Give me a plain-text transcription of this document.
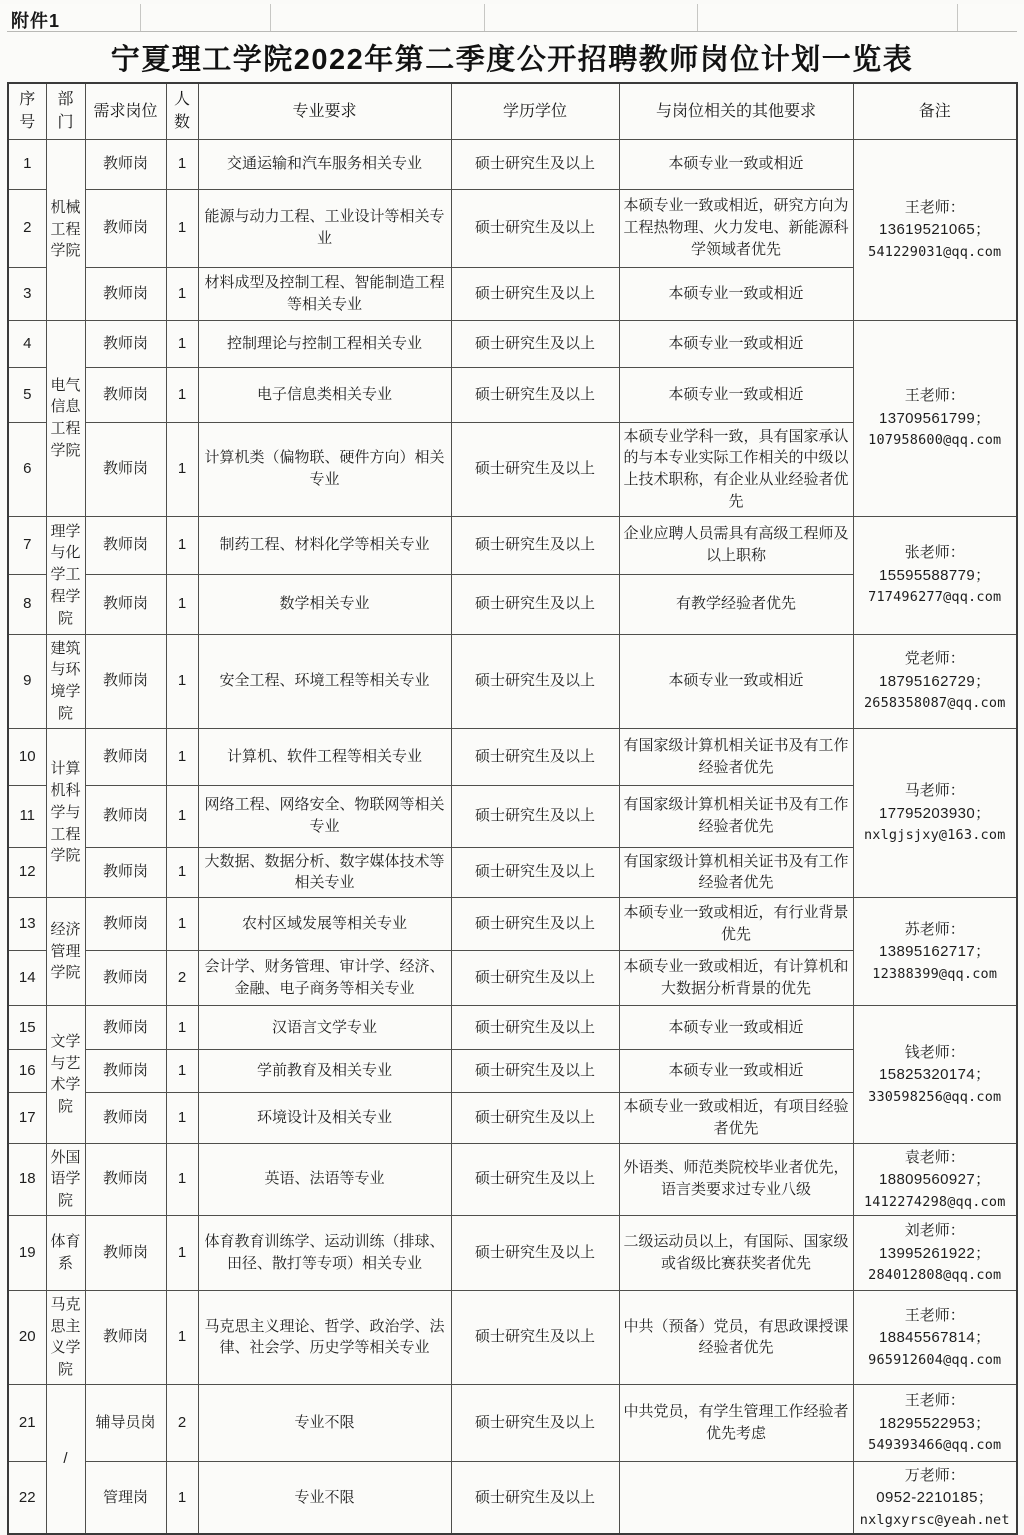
附件1
宁夏理工学院2022年第二季度公开招聘教师岗位计划一览表
序号	部门	需求岗位	人数	专业要求	学历学位	与岗位相关的其他要求	备注
1	机械工程学院	教师岗	1	交通运输和汽车服务相关专业	硕士研究生及以上	本硕专业一致或相近	王老师：
13619521065；
541229031@qq.com

2		教师岗	1	能源与动力工程、工业设计等相关专业	硕士研究生及以上	本硕专业一致或相近，研究方向为工程热物理、火力发电、新能源科学领域者优先	
3		教师岗	1	材料成型及控制工程、智能制造工程等相关专业	硕士研究生及以上	本硕专业一致或相近	
4	电气信息工程学院	教师岗	1	控制理论与控制工程相关专业	硕士研究生及以上	本硕专业一致或相近	王老师：
13709561799；
107958600@qq.com

5		教师岗	1	电子信息类相关专业	硕士研究生及以上	本硕专业一致或相近	
6		教师岗	1	计算机类（偏物联、硬件方向）相关专业	硕士研究生及以上	本硕专业学科一致，具有国家承认的与本专业实际工作相关的中级以上技术职称，有企业从业经验者优先	
7	理学与化学工程学院	教师岗	1	制药工程、材料化学等相关专业	硕士研究生及以上	企业应聘人员需具有高级工程师及以上职称	张老师：
15595588779；
717496277@qq.com

8		教师岗	1	数学相关专业	硕士研究生及以上	有教学经验者优先	
9	建筑与环境学院	教师岗	1	安全工程、环境工程等相关专业	硕士研究生及以上	本硕专业一致或相近	党老师：
18795162729；
2658358087@qq.com

10	计算机科学与工程学院	教师岗	1	计算机、软件工程等相关专业	硕士研究生及以上	有国家级计算机相关证书及有工作经验者优先	马老师：
17795203930；
nxlgjsjxy@163.com

11		教师岗	1	网络工程、网络安全、物联网等相关专业	硕士研究生及以上	有国家级计算机相关证书及有工作经验者优先	
12		教师岗	1	大数据、数据分析、数字媒体技术等相关专业	硕士研究生及以上	有国家级计算机相关证书及有工作经验者优先	
13	经济管理学院	教师岗	1	农村区域发展等相关专业	硕士研究生及以上	本硕专业一致或相近，有行业背景优先	苏老师：
13895162717；
12388399@qq.com

14		教师岗	2	会计学、财务管理、审计学、经济、金融、电子商务等相关专业	硕士研究生及以上	本硕专业一致或相近，有计算机和大数据分析背景的优先	
15	文学与艺术学院	教师岗	1	汉语言文学专业	硕士研究生及以上	本硕专业一致或相近	钱老师：
15825320174；
330598256@qq.com

16		教师岗	1	学前教育及相关专业	硕士研究生及以上	本硕专业一致或相近	
17		教师岗	1	环境设计及相关专业	硕士研究生及以上	本硕专业一致或相近，有项目经验者优先	
18	外国语学院	教师岗	1	英语、法语等专业	硕士研究生及以上	外语类、师范类院校毕业者优先，语言类要求过专业八级	袁老师：
18809560927；
1412274298@qq.com

19	体育系	教师岗	1	体育教育训练学、运动训练（排球、田径、散打等专项）相关专业	硕士研究生及以上	二级运动员以上，有国际、国家级或省级比赛获奖者优先	刘老师：
13995261922；
284012808@qq.com

20	马克思主义学院	教师岗	1	马克思主义理论、哲学、政治学、法律、社会学、历史学等相关专业	硕士研究生及以上	中共（预备）党员，有思政课授课经验者优先	王老师：
18845567814；
965912604@qq.com

21	/	辅导员岗	2	专业不限	硕士研究生及以上	中共党员，有学生管理工作经验者优先考虑	王老师：
18295522953；
549393466@qq.com

22		管理岗	1	专业不限	硕士研究生及以上		万老师：
0952-2210185；
nxlgxyrsc@yeah.net
